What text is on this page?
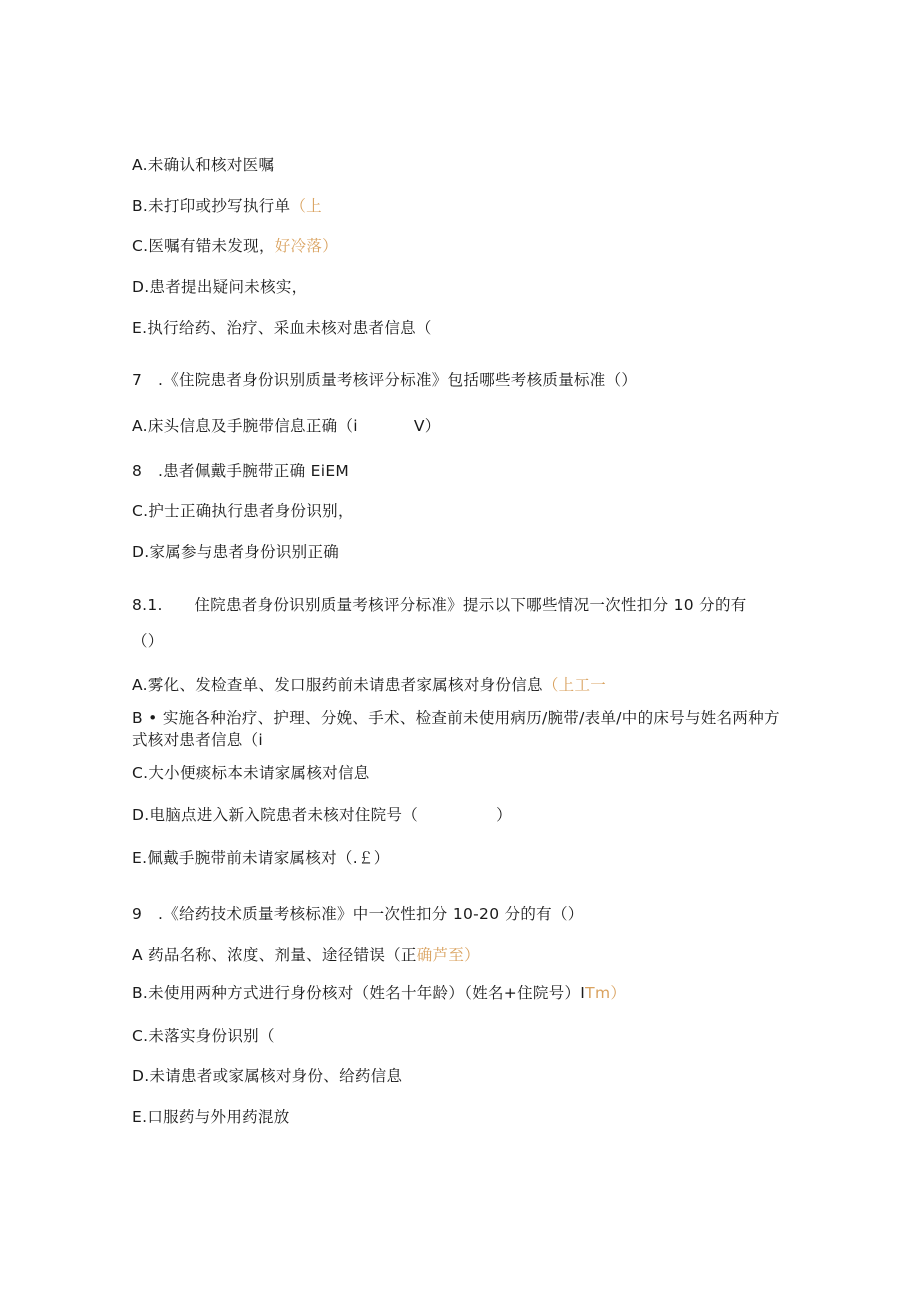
A.未确认和核对医嘱
B.未打印或抄写执行单（上
C.医嘱有错未发现，好冷落）
D.患者提出疑问未核实，
E.执行给药、治疗、采血未核对患者信息（
7　.《住院患者身份识别质量考核评分标准》包括哪些考核质量标准（）
A.床头信息及手腕带信息正确（i	V）
8　.患者佩戴手腕带正确 EiEM
C.护士正确执行患者身份识别，
D.家属参与患者身份识别正确
8.1.　　住院患者身份识别质量考核评分标准》提示以下哪些情况一次性扣分 10 分的有
（）
A.雾化、发检查单、发口服药前未请患者家属核对身份信息（上工一
B • 实施各种治疗、护理、分娩、手术、检查前未使用病历/腕带/表单/中的床号与姓名两种方式核对患者信息（i
C.大小便痰标本未请家属核对信息
D.电脑点进入新入院患者未核对住院号（	）
E.佩戴手腕带前未请家属核对（.￡）
9　.《给药技术质量考核标准》中一次性扣分 10-20 分的有（）
A 药品名称、浓度、剂量、途径错误（正确芦至）
B.未使用两种方式进行身份核对（姓名十年龄）（姓名+住院号）ITm）
C.未落实身份识别（
D.未请患者或家属核对身份、给药信息
E.口服药与外用药混放
